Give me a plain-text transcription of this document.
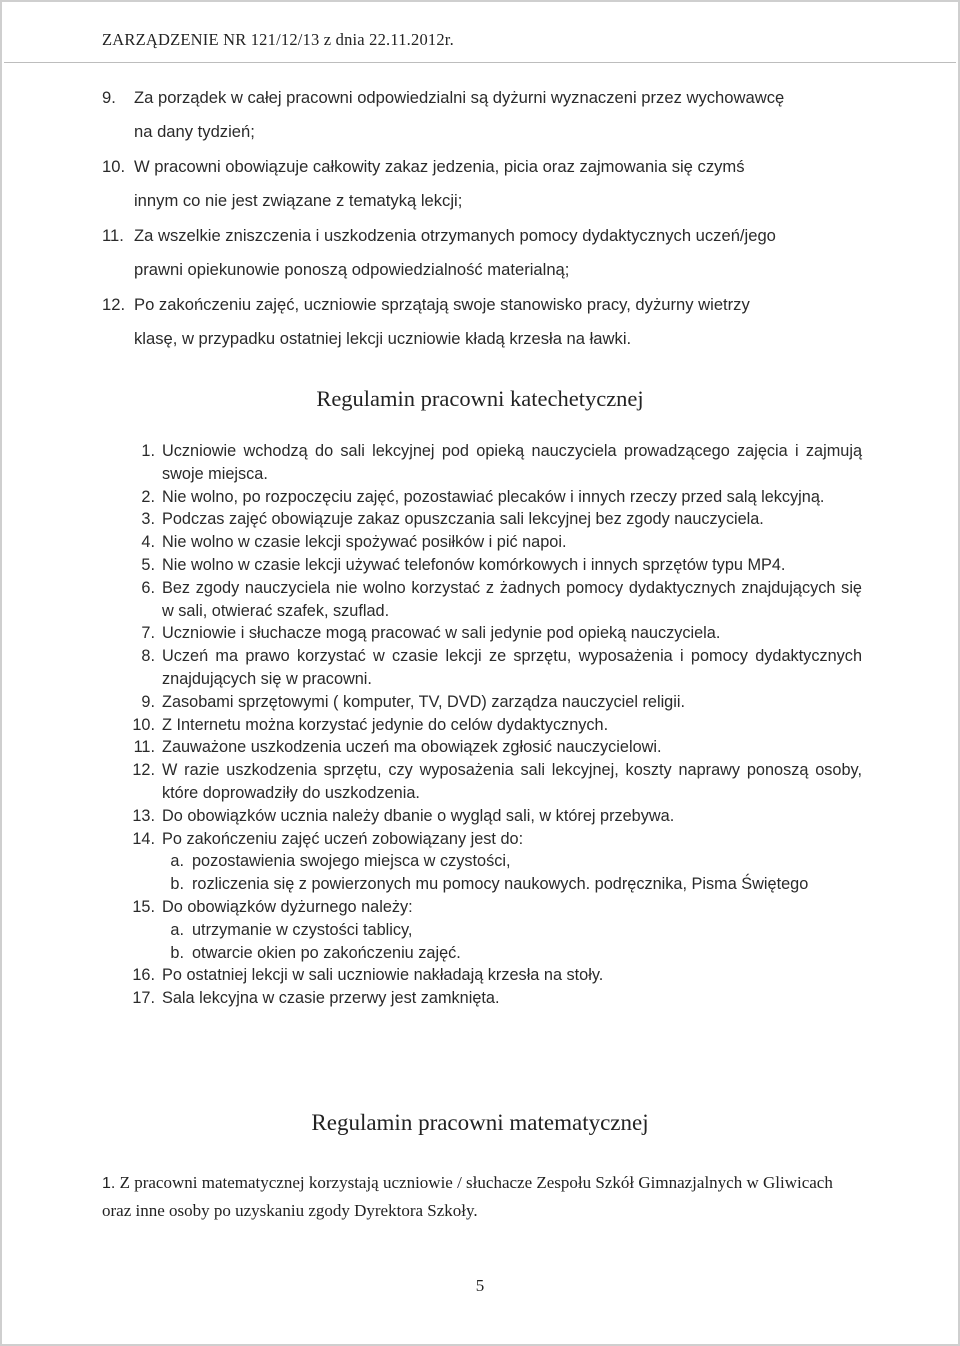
ZARZĄDZENIE NR 121/12/13 z dnia 22.11.2012r.
9.	Za porządek w całej pracowni odpowiedzialni są dyżurni wyznaczeni przez wychowawcę
na dany tydzień;
10. W pracowni obowiązuje całkowity zakaz jedzenia, picia oraz zajmowania się czymś
innym co nie jest związane z tematyką lekcji;
11. Za wszelkie zniszczenia i uszkodzenia otrzymanych pomocy dydaktycznych uczeń/jego
prawni opiekunowie ponoszą odpowiedzialność materialną;
12. Po zakończeniu zajęć, uczniowie sprzątają swoje stanowisko pracy, dyżurny wietrzy
klasę, w przypadku ostatniej lekcji uczniowie kładą krzesła na ławki.
Regulamin pracowni katechetycznej
1. Uczniowie wchodzą do sali lekcyjnej pod opieką nauczyciela prowadzącego zajęcia i zajmują swoje miejsca.
2. Nie wolno, po rozpoczęciu zajęć, pozostawiać plecaków i innych rzeczy przed salą lekcyjną.
3. Podczas zajęć obowiązuje zakaz opuszczania sali lekcyjnej bez zgody nauczyciela.
4. Nie wolno w czasie lekcji spożywać posiłków i pić napoi.
5. Nie wolno w czasie lekcji używać telefonów komórkowych i innych sprzętów typu MP4.
6. Bez zgody nauczyciela nie wolno korzystać z żadnych pomocy dydaktycznych znajdujących się w sali, otwierać szafek, szuflad.
7. Uczniowie i słuchacze mogą pracować w sali jedynie pod opieką nauczyciela.
8. Uczeń ma prawo korzystać w czasie lekcji ze sprzętu, wyposażenia i pomocy dydaktycznych znajdujących się w pracowni.
9. Zasobami sprzętowymi ( komputer, TV, DVD) zarządza nauczyciel religii.
10. Z Internetu można korzystać jedynie do celów dydaktycznych.
11. Zauważone uszkodzenia uczeń ma obowiązek zgłosić nauczycielowi.
12. W razie uszkodzenia sprzętu, czy wyposażenia sali lekcyjnej, koszty naprawy ponoszą osoby, które doprowadziły do uszkodzenia.
13. Do obowiązków ucznia należy dbanie o wygląd sali, w której przebywa.
14. Po zakończeniu zajęć uczeń zobowiązany jest do:
a. pozostawienia swojego miejsca w czystości,
b. rozliczenia się z powierzonych mu pomocy naukowych. podręcznika, Pisma Świętego
15. Do obowiązków dyżurnego należy:
a. utrzymanie w czystości tablicy,
b. otwarcie okien po zakończeniu zajęć.
16. Po ostatniej lekcji w sali uczniowie nakładają krzesła na stoły.
17. Sala lekcyjna w czasie przerwy jest zamknięta.
Regulamin pracowni matematycznej
1. Z pracowni matematycznej korzystają uczniowie / słuchacze Zespołu Szkół Gimnazjalnych w Gliwicach oraz inne osoby po uzyskaniu zgody Dyrektora Szkoły.
5
